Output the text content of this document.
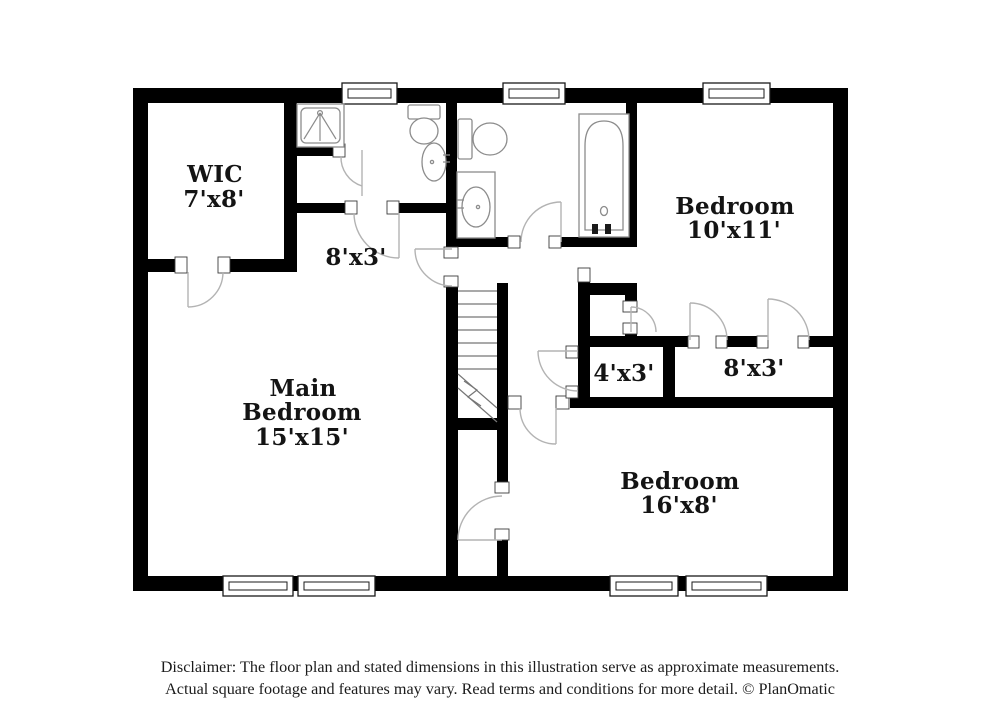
WIC
7'x8'
8'x3'
Bedroom
10'x11'
Main
Bedroom
15'x15'
4'x3'	8'x3'
Bedroom
16'x8'
Disclaimer: The floor plan and stated dimensions in this illustration serve as approximate measurements.
Actual square footage and features may vary. Read terms and conditions for more detail. © PlanOmatic
